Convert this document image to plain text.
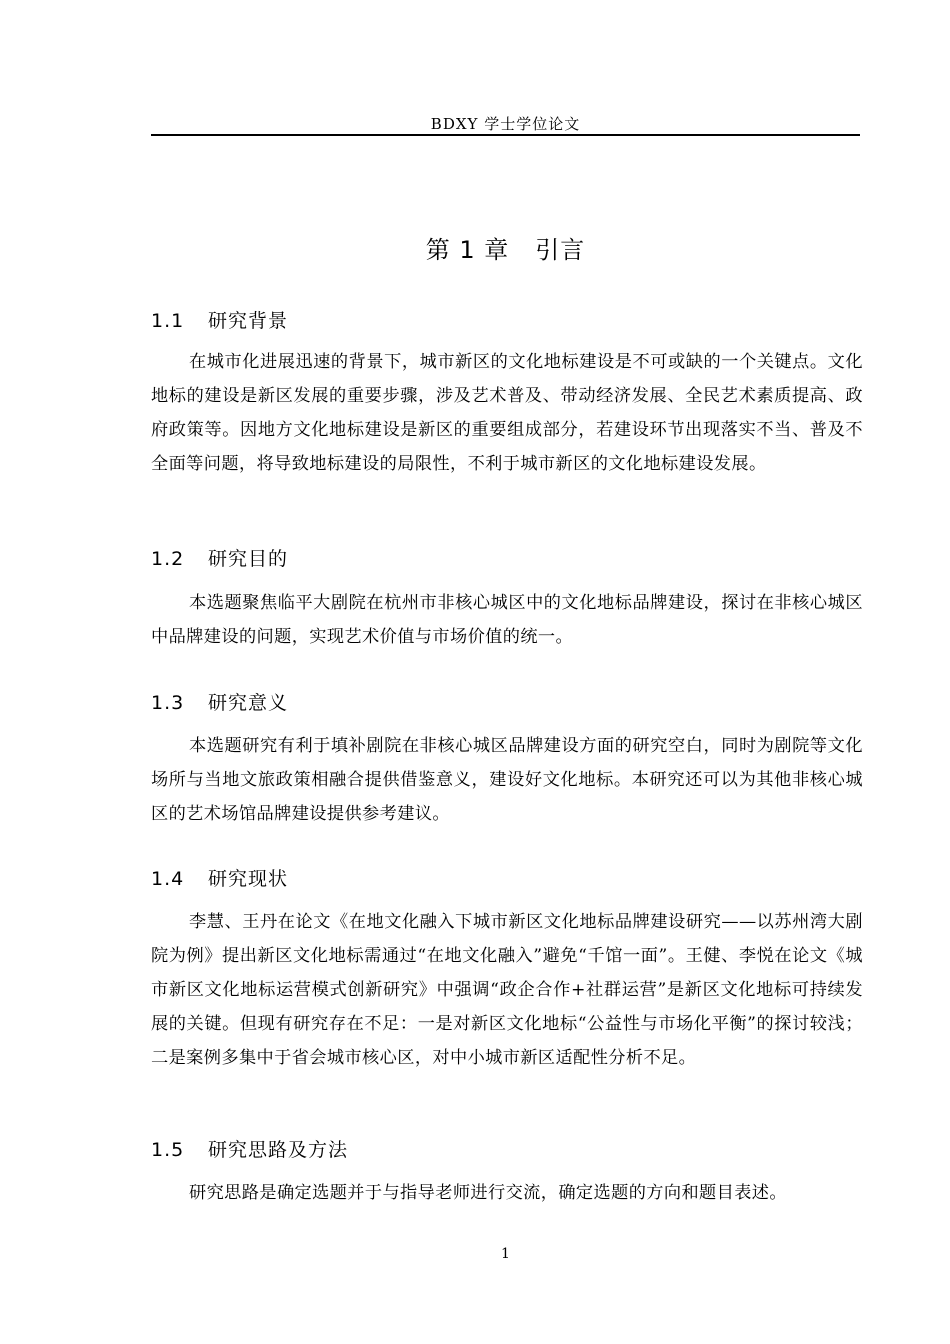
BDXY 学士学位论文
第 1 章 引言
1.1 研究背景

在城市化进展迅速的背景下，城市新区的文化地标建设是不可或缺的一个关键点。文化地标的建设是新区发展的重要步骤，涉及艺术普及、带动经济发展、全民艺术素质提高、政府政策等。因地方文化地标建设是新区的重要组成部分，若建设环节出现落实不当、普及不全面等问题，将导致地标建设的局限性，不利于城市新区的文化地标建设发展。

1.2 研究目的

本选题聚焦临平大剧院在杭州市非核心城区中的文化地标品牌建设，探讨在非核心城区中品牌建设的问题，实现艺术价值与市场价值的统一。

1.3 研究意义

本选题研究有利于填补剧院在非核心城区品牌建设方面的研究空白，同时为剧院等文化场所与当地文旅政策相融合提供借鉴意义，建设好文化地标。本研究还可以为其他非核心城区的艺术场馆品牌建设提供参考建议。

1.4 研究现状

李慧、王丹在论文《在地文化融入下城市新区文化地标品牌建设研究——以苏州湾大剧院为例》提出新区文化地标需通过“在地文化融入”避免“千馆一面”。王健、李悦在论文《城市新区文化地标运营模式创新研究》中强调“政企合作+社群运营”是新区文化地标可持续发展的关键。但现有研究存在不足：一是对新区文化地标“公益性与市场化平衡”的探讨较浅；二是案例多集中于省会城市核心区，对中小城市新区适配性分析不足。

1.5 研究思路及方法

研究思路是确定选题并于与指导老师进行交流，确定选题的方向和题目表述。

1
